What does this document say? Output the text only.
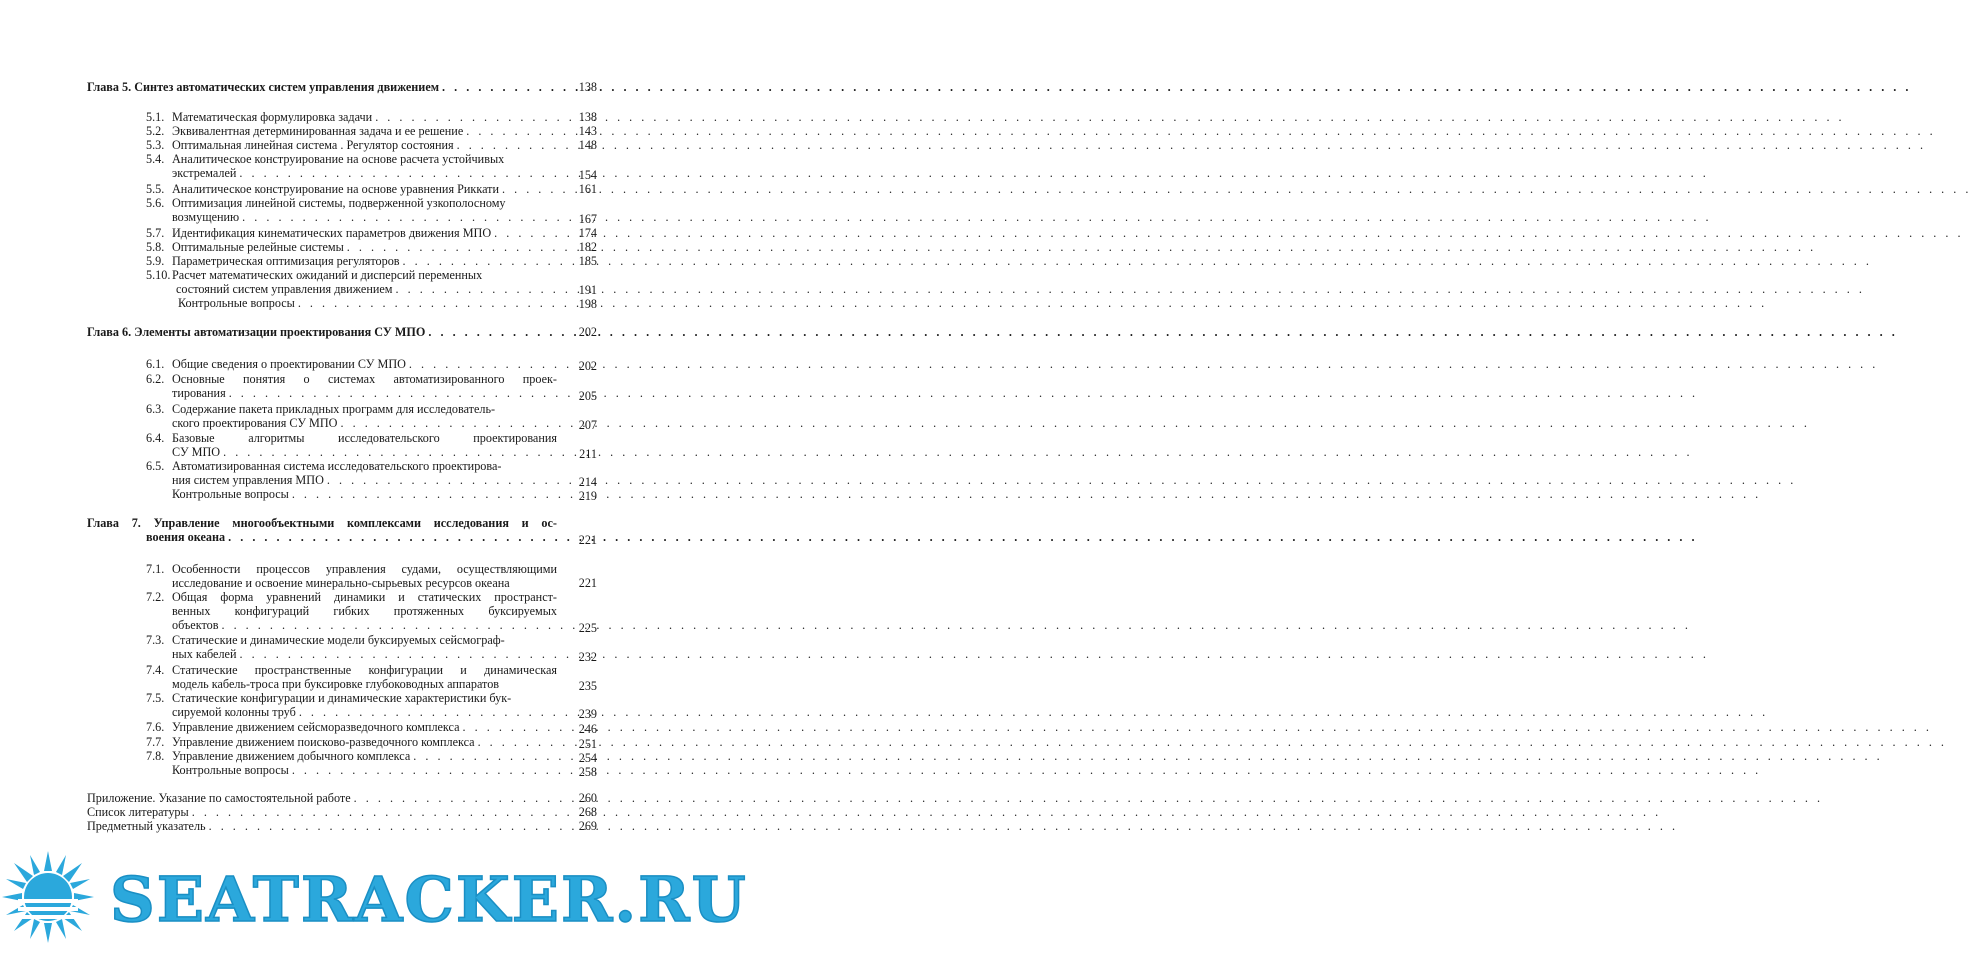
Глава 5. Синтез автоматических систем управления движением . . .	138
5.1. Математическая формулировка задачи . . .	138
5.2. Эквивалентная детерминированная задача и ее решение . . .	143
5.3. Оптимальная линейная система . Регулятор состояния . . .	148
5.4. Аналитическое конструирование на основе расчета устойчивых
экстремалей . . .	154
5.5. Аналитическое конструирование на основе уравнения Риккати . . .	161
5.6. Оптимизация линейной системы, подверженной узкополосному
возмущению . . .	167
5.7. Идентификация кинематических параметров движения МПО . . .	174
5.8. Оптимальные релейные системы . . .	182
5.9. Параметрическая оптимизация регуляторов . . .	185
5.10. Расчет математических ожиданий и дисперсий переменных
состояний систем управления движением . . .	191
Контрольные вопросы . . .	198
Глава 6. Элементы автоматизации проектирования СУ МПО . . .	202
6.1. Общие сведения о проектировании СУ МПО . . .	202
6.2. Основные понятия о системах автоматизированного проек-
тирования . . .	205
6.3. Содержание пакета прикладных программ для исследователь-
ского проектирования СУ МПО . . .	207
6.4. Базовые алгоритмы исследовательского проектирования
СУ МПО . . .	211
6.5. Автоматизированная система исследовательского проектирова-
ния систем управления МПО . . .	214
Контрольные вопросы . . .	219
Глава 7. Управление многообъектными комплексами исследования и ос-
воения океана . . .	221
7.1. Особенности процессов управления судами, осуществляющими
исследование и освоение минерально-сырьевых ресурсов океана	221
7.2. Общая форма уравнений динамики и статических пространст-
венных конфигураций гибких протяженных буксируемых
объектов . . .	225
7.3. Статические и динамические модели буксируемых сейсмограф-
ных кабелей . . .	232
7.4. Статические пространственные конфигурации и динамическая
модель кабель-троса при буксировке глубоководных аппаратов	235
7.5. Статические конфигурации и динамические характеристики бук-
сируемой колонны труб . . .	239
7.6. Управление движением сейсморазведочного комплекса . . .	246
7.7. Управление движением поисково-разведочного комплекса . . .	251
7.8. Управление движением добычного комплекса . . .	254
Контрольные вопросы . . .	258
Приложение. Указание по самостоятельной работе . . .	260
Список литературы . . .	268
Предметный указатель . . .	269
SEATRACKER.RU
